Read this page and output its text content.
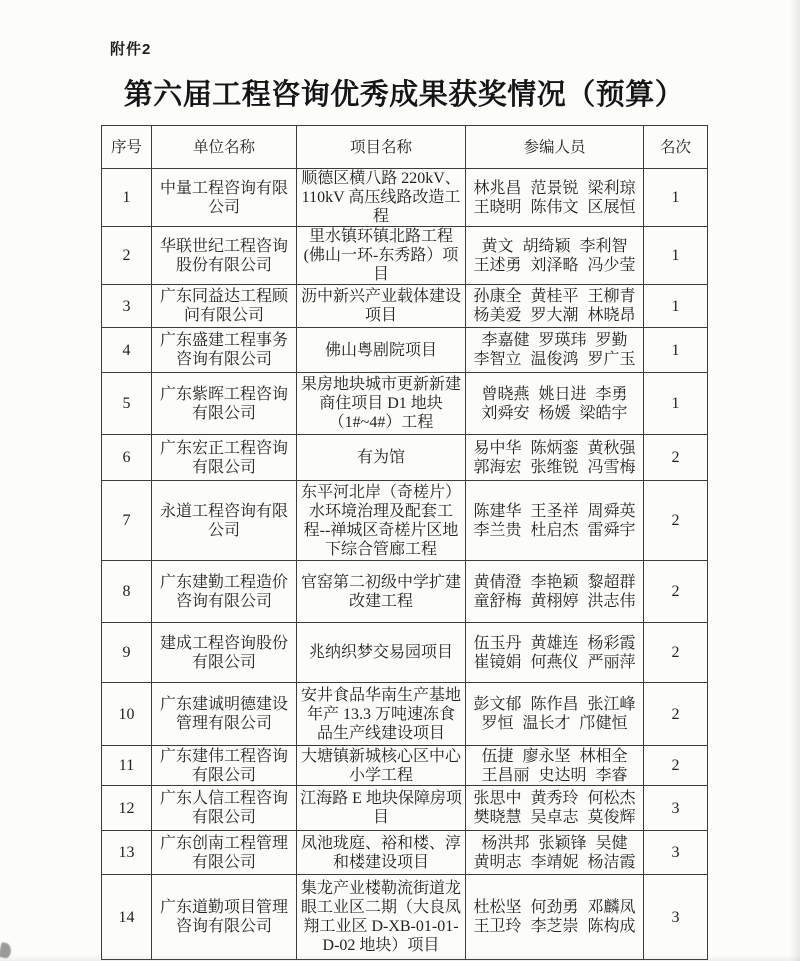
附件2
第六届工程咨询优秀成果获奖情况（预算）
序号	单位名称	项目名称	参编人员	名次
1	中量工程咨询有限公司	顺德区横八路 220kV、110kV 高压线路改造工程	林兆昌 范景锐 梁利琼
王晓明 陈伟文 区展恒	1
2	华联世纪工程咨询股份有限公司	里水镇环镇北路工程(佛山一环-东秀路）项目	黄文 胡绮颖 李利智
王述勇 刘泽略 冯少莹	1
3	广东同益达工程顾问有限公司	沥中新兴产业载体建设项目	孙康全 黄桂平 王柳青
杨美爱 罗大潮 林晓昂	1
4	广东盛建工程事务咨询有限公司	佛山粤剧院项目	李嘉健 罗瑛玮 罗勤
李智立 温俊鸿 罗广玉	1
5	广东紫晖工程咨询有限公司	果房地块城市更新新建商住项目 D1 地块（1#~4#）工程	曾晓燕 姚日进 李勇
刘舜安 杨媛 梁皓宇	1
6	广东宏正工程咨询有限公司	有为馆	易中华 陈炳銮 黄秋强
郭海宏 张维锐 冯雪梅	2
7	永道工程咨询有限公司	东平河北岸（奇槎片）水环境治理及配套工程--禅城区奇槎片区地下综合管廊工程	陈建华 王圣祥 周舜英
李兰贵 杜启杰 雷舜宇	2
8	广东建勤工程造价咨询有限公司	官窑第二初级中学扩建改建工程	黄倩澄 李艳颖 黎超群
童舒梅 黄栩婷 洪志伟	2
9	建成工程咨询股份有限公司	兆纳织梦交易园项目	伍玉丹 黄雄连 杨彩霞
崔镜娟 何燕仪 严丽萍	2
10	广东建诚明德建设管理有限公司	安井食品华南生产基地年产 13.3 万吨速冻食品生产线建设项目	彭文郁 陈作昌 张江峰
罗恒 温长才 邝健恒	2
11	广东建伟工程咨询有限公司	大塘镇新城核心区中心小学工程	伍捷 廖永坚 林相全
王昌丽 史达明 李睿	2
12	广东人信工程咨询有限公司	江海路 E 地块保障房项目	张思中 黄秀玲 何松杰
樊晓慧 吴卓志 莫俊辉	3
13	广东创南工程管理有限公司	凤池珑庭、裕和楼、淳和楼建设项目	杨洪邦 张颖锋 吴健
黄明志 李靖妮 杨洁霞	3
14	广东道勤项目管理咨询有限公司	集龙产业楼勒流街道龙眼工业区二期（大良凤翔工业区 D-XB-01-01-D-02 地块）项目	杜松坚 何劲勇 邓麟凤
王卫玲 李芝崇 陈构成	3
